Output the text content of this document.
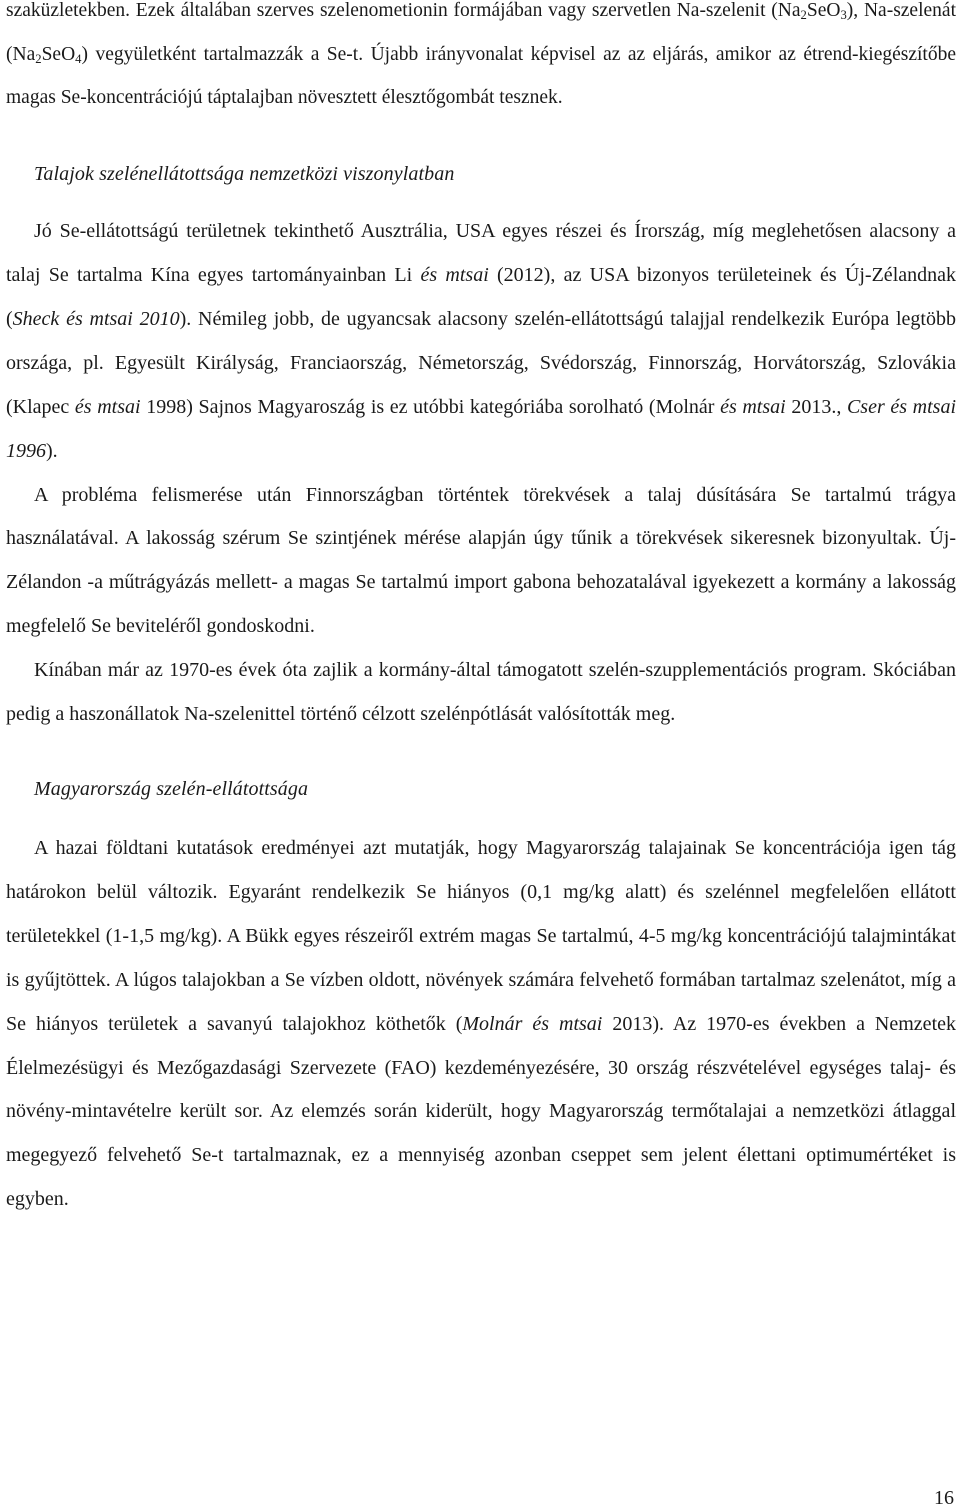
szaküzletekben. Ezek általában szerves szelenometionin formájában vagy szervetlen Na-szelenit $(Na_2SeO_3)$, Na-szelenát $(Na_2SeO_4)$ vegyületként tartalmazzák a Se-t. Újabb irányvonalat képvisel az az eljárás, amikor az étrend-kiegészítőbe magas Se-koncentrációjú táptalajban növesztett élesztőgombát tesznek.

Talajok szelénellátottsága nemzetközi viszonylatban

Jó Se-ellátottságú területnek tekinthető Ausztrália, USA egyes részei és Írország, míg meglehetősen alacsony a talaj Se tartalma Kína egyes tartományainban Li és mtsai (2012), az USA bizonyos területeinek és Új-Zélandnak (Sheck és mtsai 2010). Némileg jobb, de ugyancsak alacsony szelén-ellátottságú talajjal rendelkezik Európa legtöbb országa, pl. Egyesült Királyság, Franciaország, Németország, Svédország, Finnország, Horvátország, Szlovákia (Klapec és mtsai 1998) Sajnos Magyaroszág is ez utóbbi kategóriába sorolható (Molnár és mtsai 2013., Cser és mtsai 1996).

A probléma felismerése után Finnországban történtek törekvések a talaj dúsítására Se tartalmú trágya használatával. A lakosság szérum Se szintjének mérése alapján úgy tűnik a törekvések sikeresnek bizonyultak. Új-Zélandon -a műtrágyázás mellett- a magas Se tartalmú import gabona behozatalával igyekezett a kormány a lakosság megfelelő Se beviteléről gondoskodni.

Kínában már az 1970-es évek óta zajlik a kormány-által támogatott szelén-szupplementációs program. Skóciában pedig a haszonállatok Na-szelenittel történő célzott szelénpótlását valósították meg.

Magyarország szelén-ellátottsága

A hazai földtani kutatások eredményei azt mutatják, hogy Magyarország talajainak Se koncentrációja igen tág határokon belül változik. Egyaránt rendelkezik Se hiányos (0,1 mg/kg alatt) és szelénnel megfelelően ellátott területekkel (1-1,5 mg/kg). A Bükk egyes részeiről extrém magas Se tartalmú, 4-5 mg/kg koncentrációjú talajmintákat is gyűjtöttek. A lúgos talajokban a Se vízben oldott, növények számára felvehető formában tartalmaz szelenátot, míg a Se hiányos területek a savanyú talajokhoz köthetők (Molnár és mtsai 2013). Az 1970-es években a Nemzetek Élelmezésügyi és Mezőgazdasági Szervezete (FAO) kezdeményezésére, 30 ország részvételével egységes talaj- és növény-mintavételre került sor. Az elemzés során kiderült, hogy Magyarország termőtalajai a nemzetközi átlaggal megegyező felvehető Se-t tartalmaznak, ez a mennyiség azonban cseppet sem jelent élettani optimumértéket is egyben.

16
